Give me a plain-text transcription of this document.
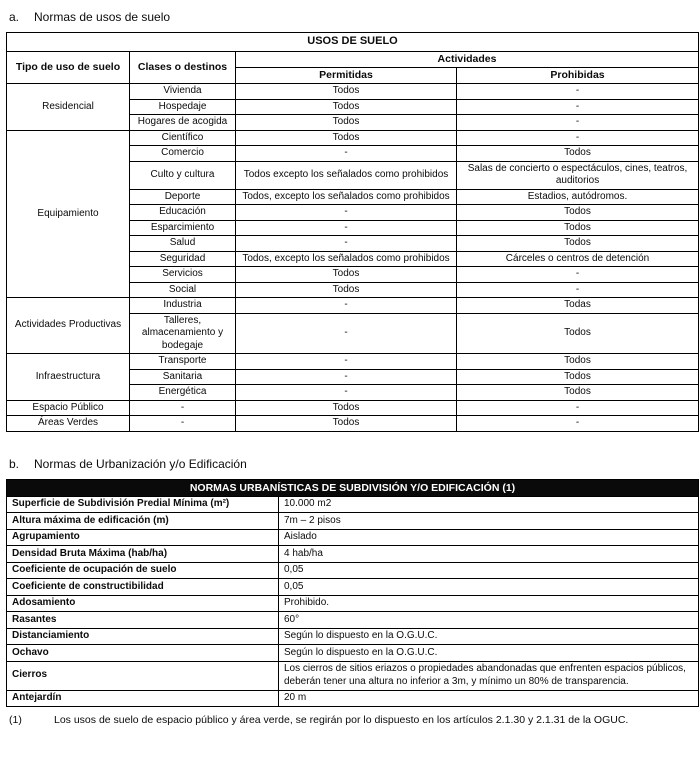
a.	Normas de usos de suelo
USOS DE SUELO			
Tipo de uso de suelo	Clases o destinos	Actividades	
		Permitidas	Prohibidas
Residencial	Vivienda	Todos	-
	Hospedaje	Todos	-
	Hogares de acogida	Todos	-
Equipamiento	Científico	Todos	-
	Comercio	-	Todos
	Culto y cultura	Todos excepto los señalados como prohibidos	Salas de concierto o espectáculos, cines, teatros, auditorios
	Deporte	Todos, excepto los señalados como prohibidos	Estadios, autódromos.
	Educación	-	Todos
	Esparcimiento	-	Todos
	Salud	-	Todos
	Seguridad	Todos, excepto los señalados como prohibidos	Cárceles o centros de detención
	Servicios	Todos	-
	Social	Todos	-
Actividades Productivas	Industria	-	Todas
	Talleres, almacenamiento y bodegaje	-	Todos
Infraestructura	Transporte	-	Todos
	Sanitaria	-	Todos
	Energética	-	Todos
Espacio Público	-	Todos	-
Áreas Verdes	-	Todos	-
b.	Normas de Urbanización y/o Edificación
NORMAS URBANÍSTICAS DE SUBDIVISIÓN Y/O EDIFICACIÓN (1)	
Superficie de Subdivisión Predial Mínima (m²)	10.000 m2
Altura máxima de edificación (m)	7m – 2 pisos
Agrupamiento	Aislado
Densidad Bruta Máxima (hab/ha)	4 hab/ha
Coeficiente de ocupación de suelo	0,05
Coeficiente de constructibilidad	0,05
Adosamiento	Prohibido.
Rasantes	60°
Distanciamiento	Según lo dispuesto en la O.G.U.C.
Ochavo	Según lo dispuesto en la O.G.U.C.
Cierros	Los cierros de sitios eriazos o propiedades abandonadas que enfrenten espacios públicos, deberán tener una altura no inferior a 3m, y mínimo un 80% de transparencia.
Antejardín	20 m
(1)	Los usos de suelo de espacio público y área verde, se regirán por lo dispuesto en los artículos 2.1.30 y 2.1.31 de la OGUC.
